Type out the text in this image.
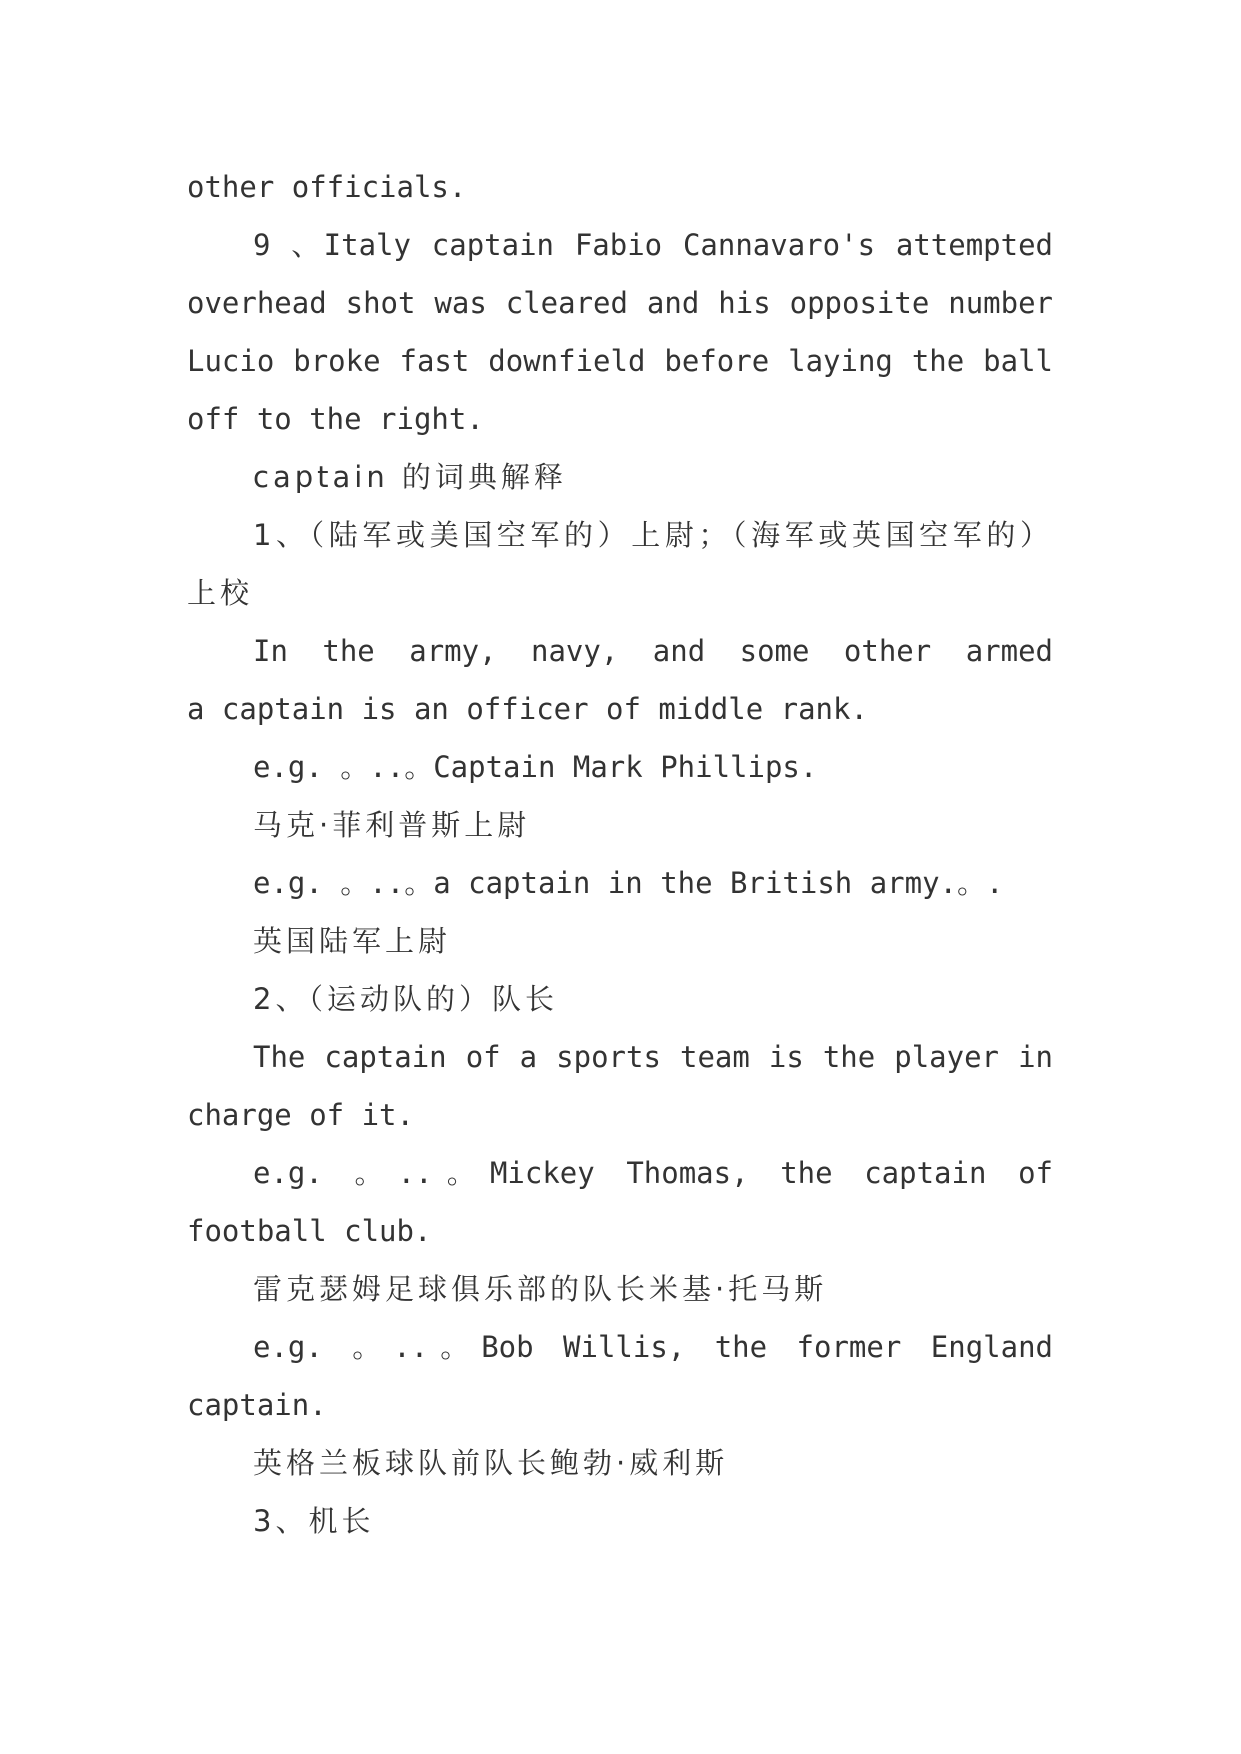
other officials.
9 、Italy captain Fabio Cannavaro's attempted
overhead shot was cleared and his opposite number
Lucio broke fast downfield before laying the ball
off to the right.
captain 的词典解释
1、（陆军或美国空军的）上尉；（海军或英国空军的）
上校
In the army, navy, and some other armed
a captain is an officer of middle rank.
e.g. 。..。Captain Mark Phillips.
马克·菲利普斯上尉
e.g. 。..。a captain in the British army.。.
英国陆军上尉
2、（运动队的）队长
The captain of a sports team is the player in
charge of it.
e.g. 。..。Mickey Thomas, the captain of
football club.
雷克瑟姆足球俱乐部的队长米基·托马斯
e.g. 。..。Bob Willis, the former England
captain.
英格兰板球队前队长鲍勃·威利斯
3、机长
